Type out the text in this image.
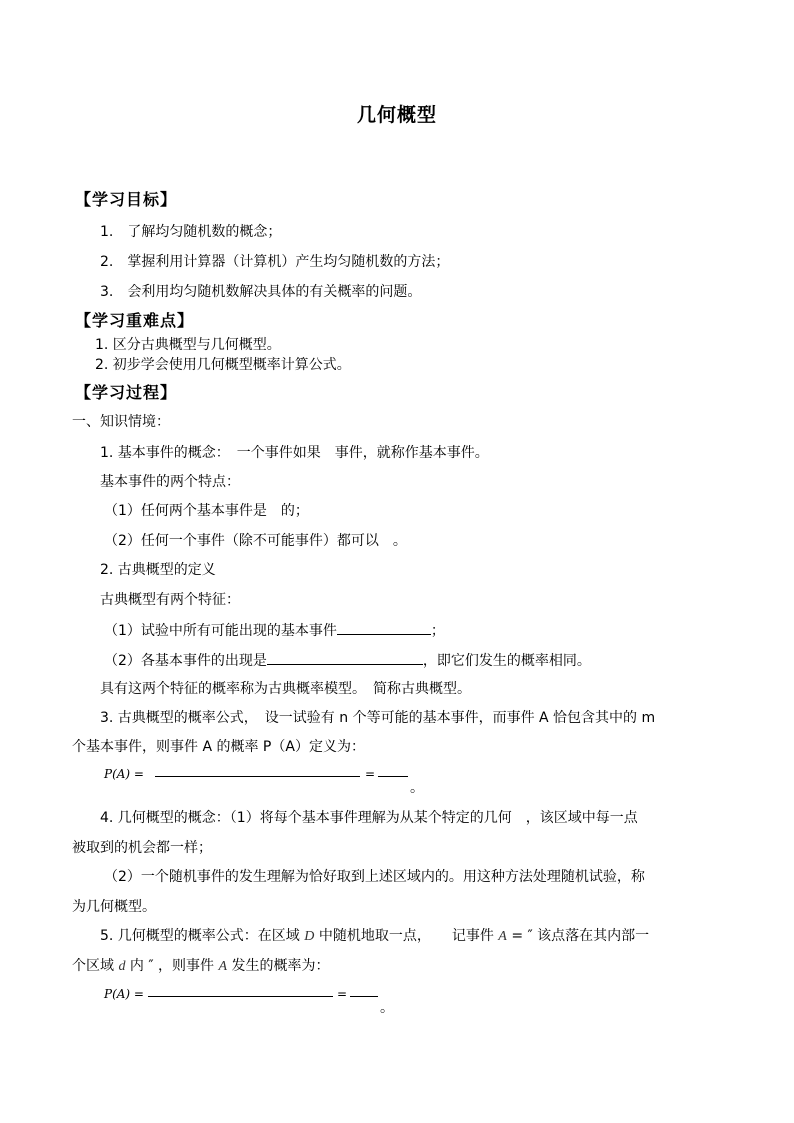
几何概型
【学习目标】
1.　了解均匀随机数的概念；
2.　掌握利用计算器（计算机）产生均匀随机数的方法；
3.　会利用均匀随机数解决具体的有关概率的问题。
【学习重难点】
1. 区分古典概型与几何概型。
2. 初步学会使用几何概型概率计算公式。
【学习过程】
一、知识情境：
1. 基本事件的概念：　一个事件如果　事件，就称作基本事件。
基本事件的两个特点：
（1）任何两个基本事件是　的；
（2）任何一个事件（除不可能事件）都可以　。
2. 古典概型的定义
古典概型有两个特征：
（1）试验中所有可能出现的基本事件	；
（2）各基本事件的出现是	，即它们发生的概率相同。
具有这两个特征的概率称为古典概率模型。　简称古典概型。
3. 古典概型的概率公式，　设一试验有 n 个等可能的基本事件，而事件 A 恰包含其中的 m
个基本事件，则事件 A 的概率 P（A）定义为：
P(A) =	=
。
4. 几何概型的概念：（1）将每个基本事件理解为从某个特定的几何　，该区域中每一点
被取到的机会都一样；
（2）一个随机事件的发生理解为恰好取到上述区域内的。用这种方法处理随机试验，称
为几何概型。
5. 几何概型的概率公式：在区域 D 中随机地取一点，　　记事件 A = ″ 该点落在其内部一
个区域 d 内 ″ ，则事件 A 发生的概率为：
P(A) =	=
。
